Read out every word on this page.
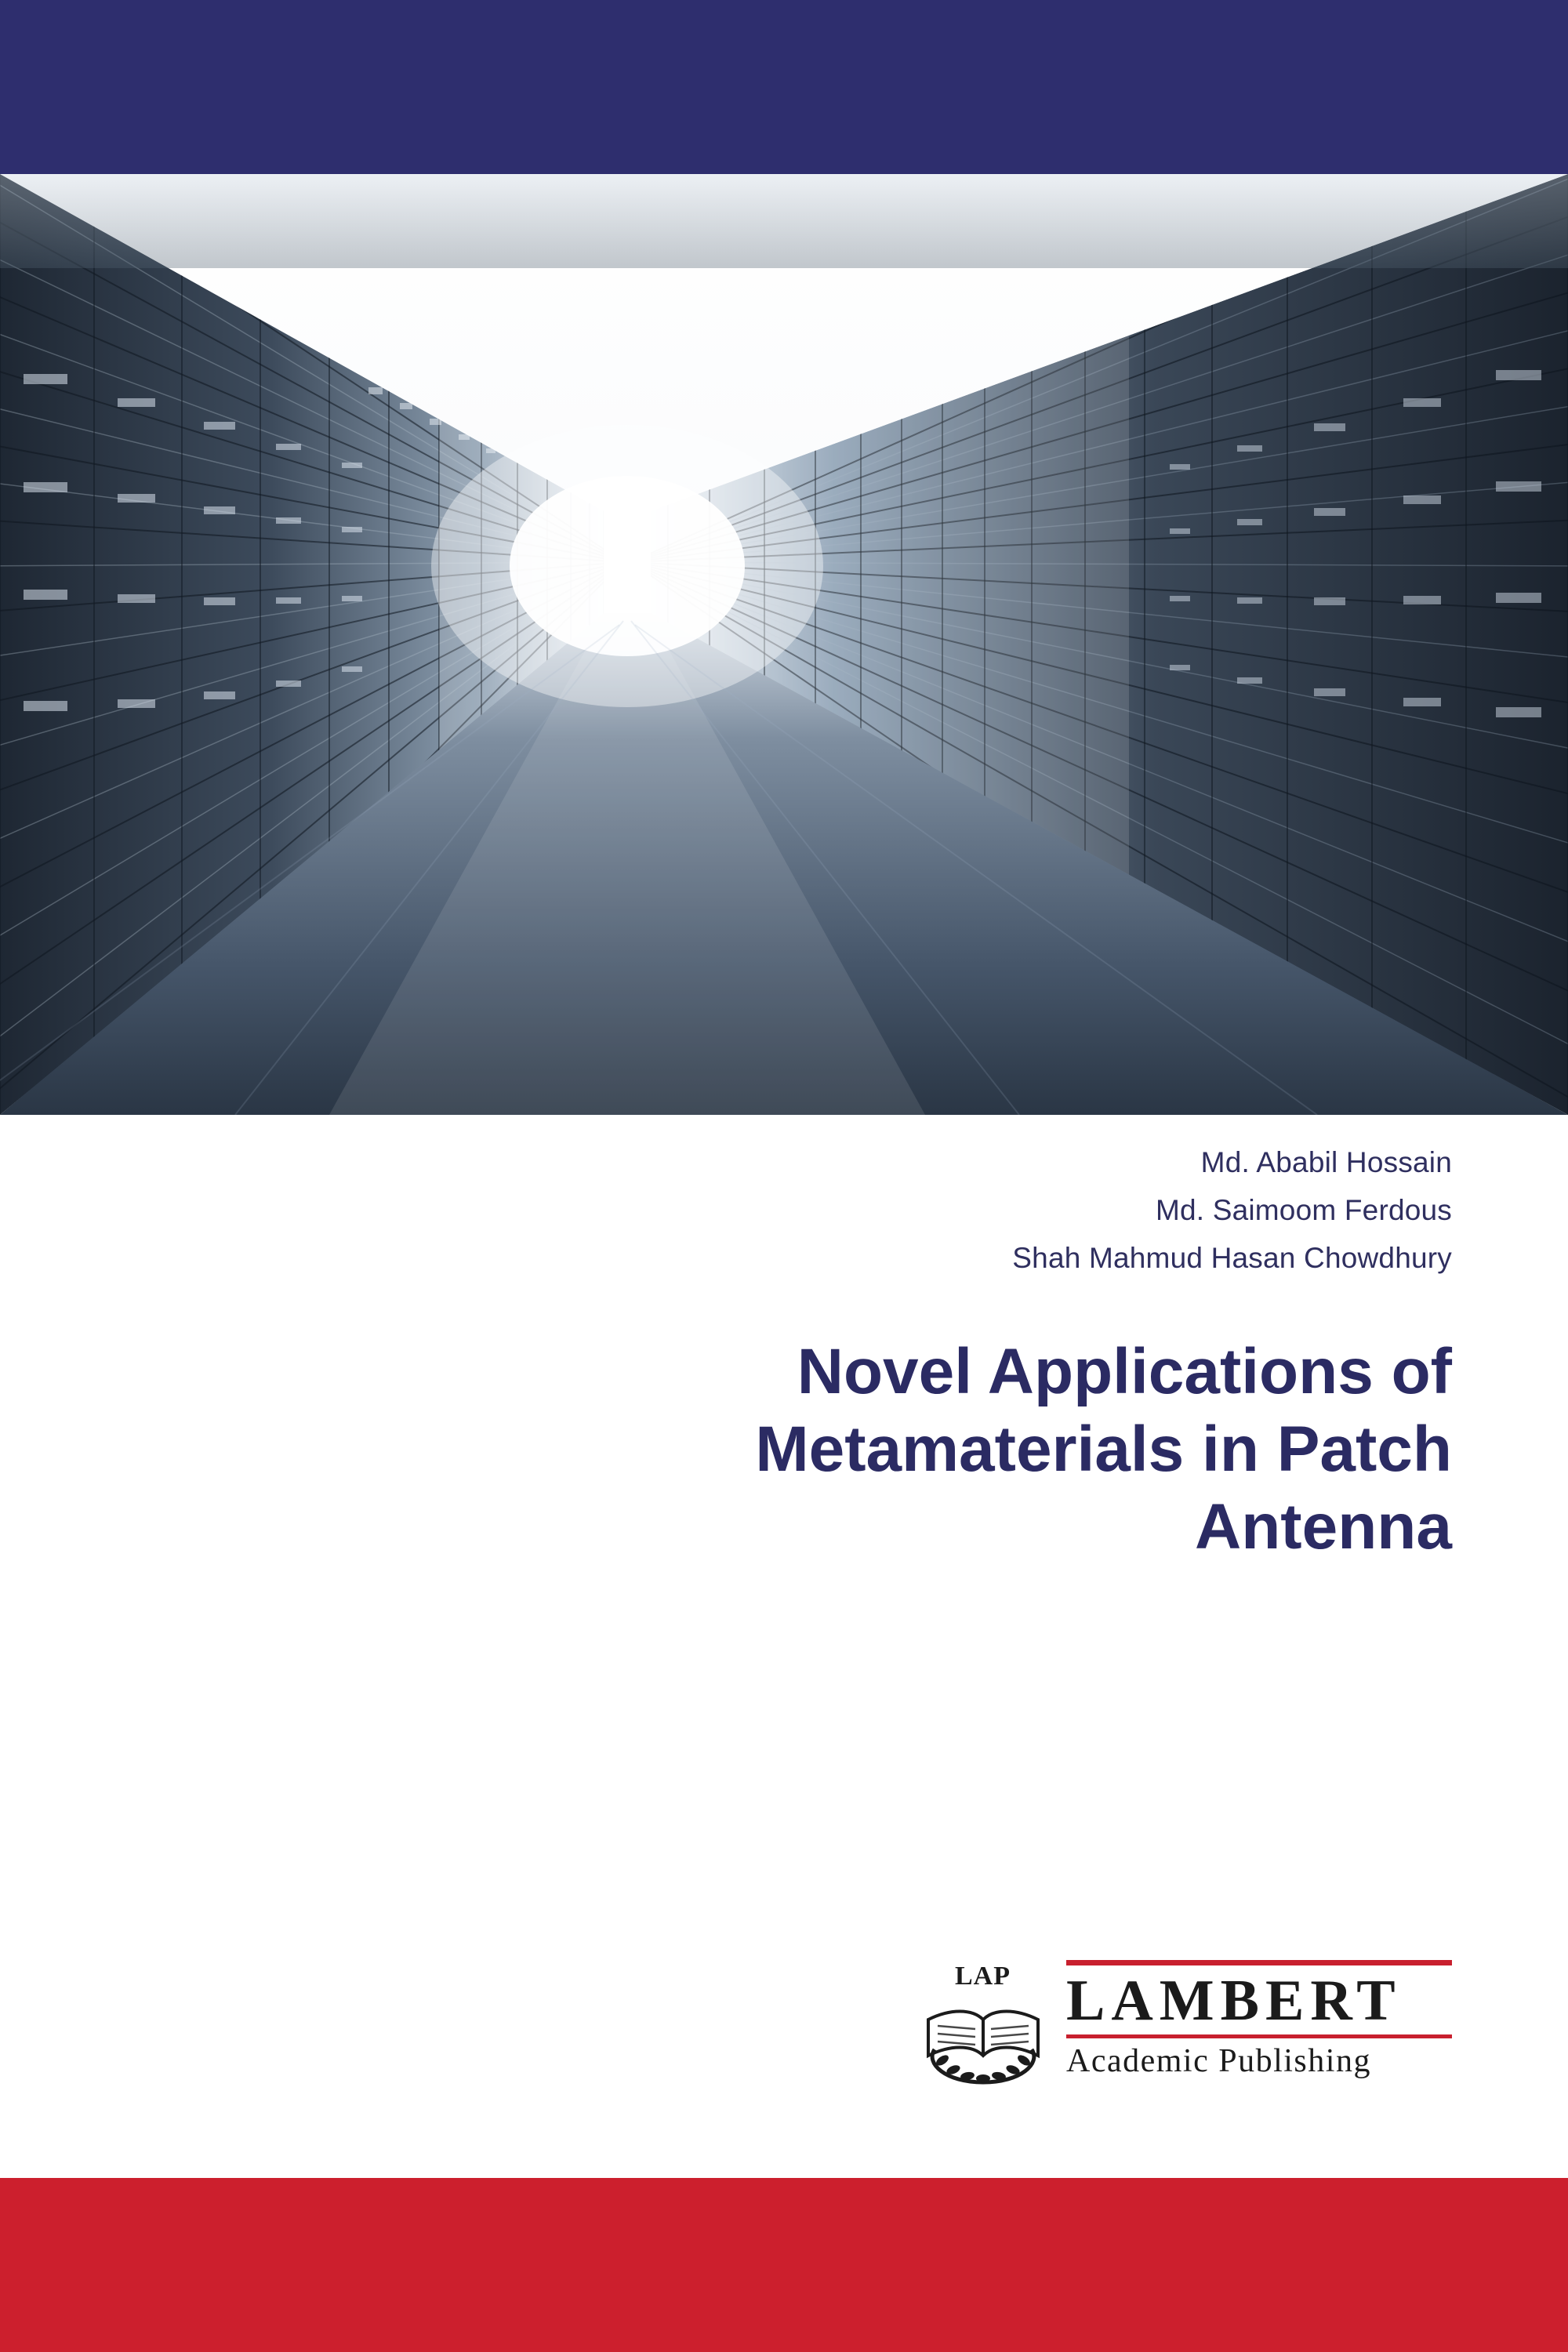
Md. Ababil Hossain
Md. Saimoom Ferdous
Shah Mahmud Hasan Chowdhury
Novel Applications of
Metamaterials in Patch
Antenna
LAP LAMBERT
Academic Publishing
